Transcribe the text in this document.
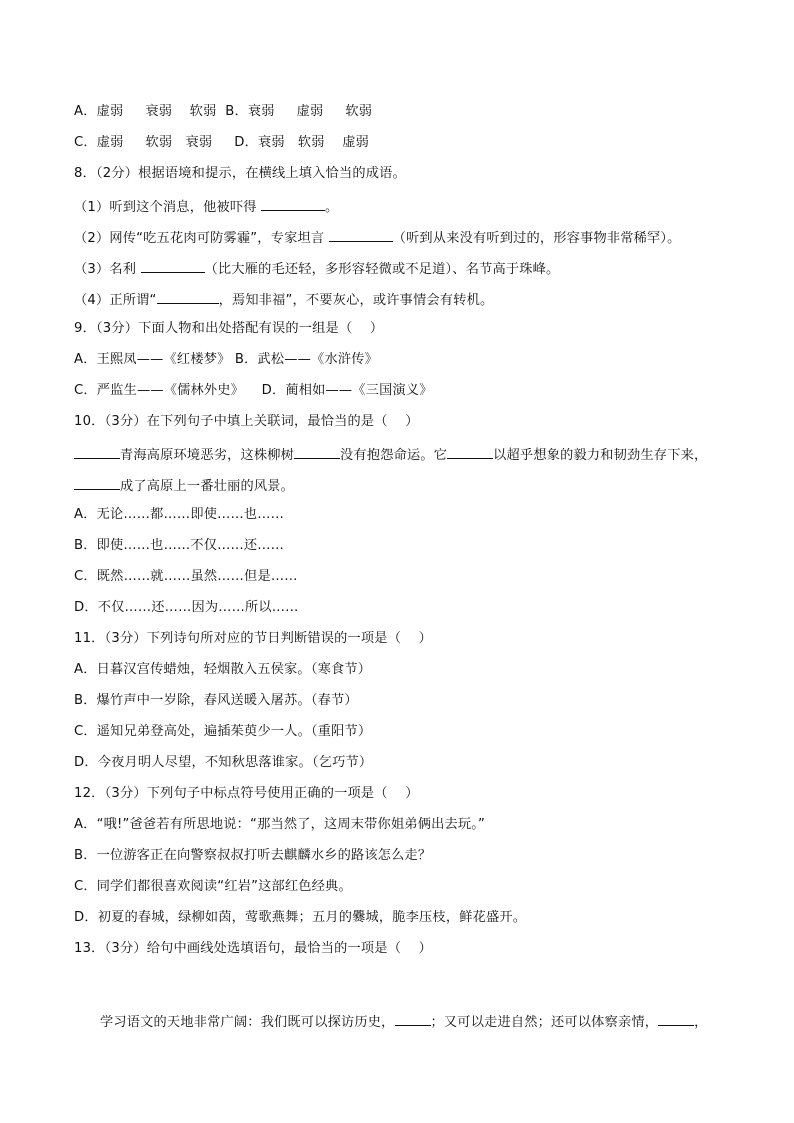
A．虚弱     衰弱    软弱  B．衰弱     虚弱     软弱
C．虚弱     软弱   衰弱     D．衰弱   软弱    虚弱
8．（2分）根据语境和提示，在横线上填入恰当的成语。
（1）听到这个消息，他被吓得	。
（2）网传“吃五花肉可防雾霾”，专家坦言	（听到从来没有听到过的，形容事物非常稀罕）。
（3）名利	（比大雁的毛还轻，多形容轻微或不足道）、名节高于珠峰。
（4）正所谓“	，焉知非福”，不要灰心，或许事情会有转机。
9．（3分）下面人物和出处搭配有误的一组是（    ）
A．王熙凤——《红楼梦》 B．武松——《水浒传》
C．严监生——《儒林外史》    D．蔺相如——《三国演义》
10．（3分）在下列句子中填上关联词，最恰当的是（    ）
青海高原环境恶劣，这株柳树	没有抱怨命运。它	以超乎想象的毅力和韧劲生存下来，
成了高原上一番壮丽的风景。
A．无论……都……即使……也……
B．即使……也……不仅……还……
C．既然……就……虽然……但是……
D．不仅……还……因为……所以……
11．（3分）下列诗句所对应的节日判断错误的一项是（    ）
A．日暮汉宫传蜡烛，轻烟散入五侯家。（寒食节）
B．爆竹声中一岁除，春风送暖入屠苏。（春节）
C．遥知兄弟登高处，遍插茱萸少一人。（重阳节）
D．今夜月明人尽望，不知秋思落谁家。（乞巧节）
12．（3分）下列句子中标点符号使用正确的一项是（    ）
A．“哦!”爸爸若有所思地说：“那当然了，这周末带你姐弟俩出去玩。”
B．一位游客正在向警察叔叔打听去麒麟水乡的路该怎么走？
C．同学们都很喜欢阅读“红岩”这部红色经典。
D．初夏的春城，绿柳如茵，莺歌燕舞；五月的爨城，脆李压枝，鲜花盛开。
13．（3分）给句中画线处选填语句，最恰当的一项是（    ）
学习语文的天地非常广阔：我们既可以探访历史，	；又可以走进自然；还可以体察亲情，	，
